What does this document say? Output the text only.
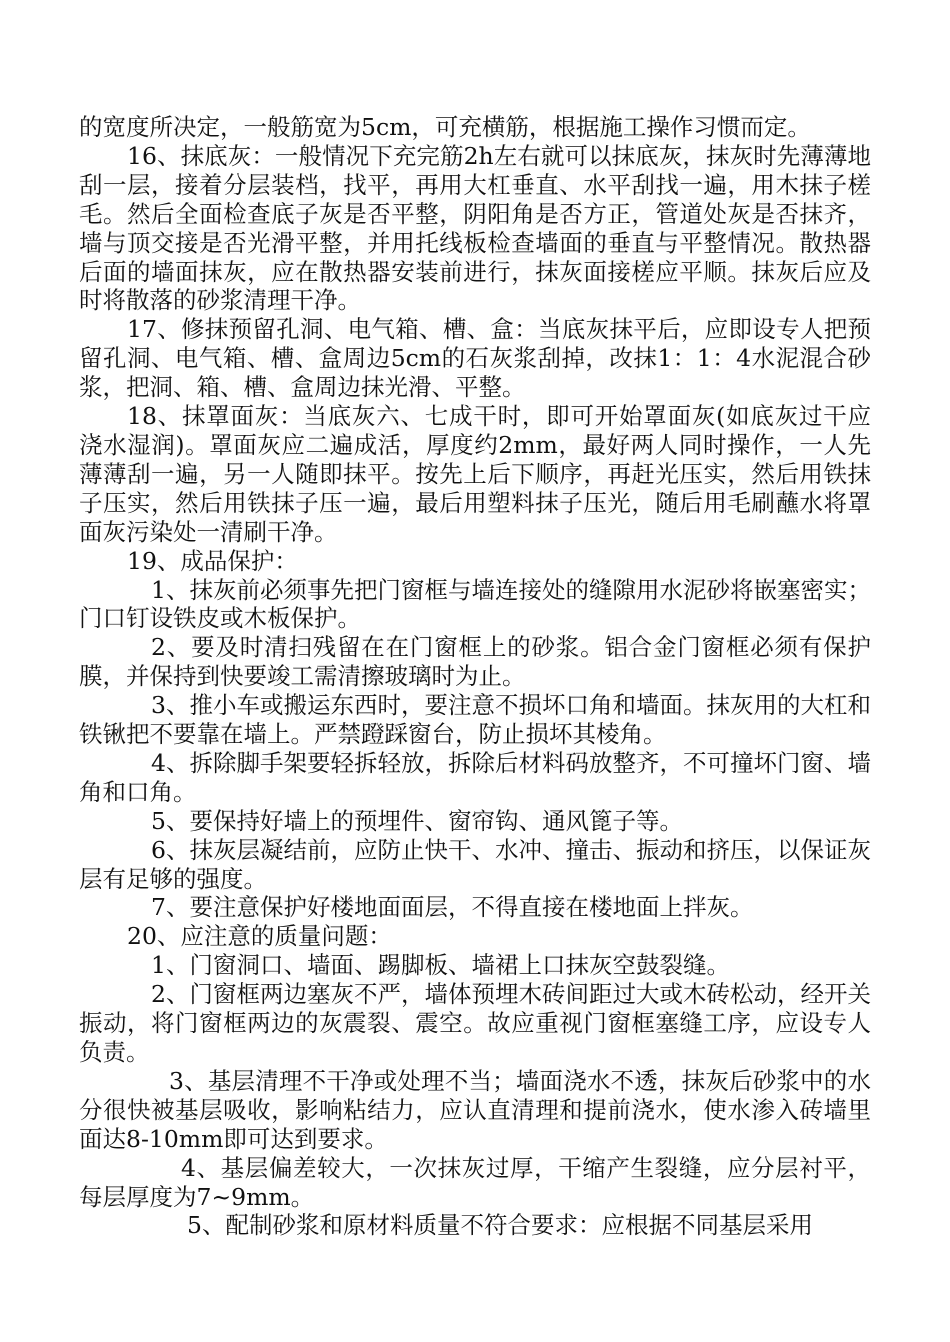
的宽度所决定，一般筋宽为5cm，可充横筋，根据施工操作习惯而定。

16、抹底灰：一般情况下充完筋2h左右就可以抹底灰，抹灰时先薄薄地刮一层，接着分层装档，找平，再用大杠垂直、水平刮找一遍，用木抹子槎毛。然后全面检查底子灰是否平整，阴阳角是否方正，管道处灰是否抹齐，墙与顶交接是否光滑平整，并用托线板检查墙面的垂直与平整情况。散热器后面的墙面抹灰，应在散热器安装前进行，抹灰面接槎应平顺。抹灰后应及时将散落的砂浆清理干净。

17、修抹预留孔洞、电气箱、槽、盒：当底灰抹平后，应即设专人把预留孔洞、电气箱、槽、盒周边5cm的石灰浆刮掉，改抹1：1：4水泥混合砂浆，把洞、箱、槽、盒周边抹光滑、平整。

18、抹罩面灰：当底灰六、七成干时，即可开始罩面灰(如底灰过干应浇水湿润)。罩面灰应二遍成活，厚度约2mm，最好两人同时操作，一人先薄薄刮一遍，另一人随即抹平。按先上后下顺序，再赶光压实，然后用铁抹子压实，然后用铁抹子压一遍，最后用塑料抹子压光，随后用毛刷蘸水将罩面灰污染处一清刷干净。

19、成品保护：

1、抹灰前必须事先把门窗框与墙连接处的缝隙用水泥砂将嵌塞密实；门口钉设铁皮或木板保护。

2、要及时清扫残留在在门窗框上的砂浆。铝合金门窗框必须有保护膜，并保持到快要竣工需清擦玻璃时为止。

3、推小车或搬运东西时，要注意不损坏口角和墙面。抹灰用的大杠和铁锹把不要靠在墙上。严禁蹬踩窗台，防止损坏其棱角。

4、拆除脚手架要轻拆轻放，拆除后材料码放整齐，不可撞坏门窗、墙角和口角。

5、要保持好墙上的预埋件、窗帘钩、通风篦子等。

6、抹灰层凝结前，应防止快干、水冲、撞击、振动和挤压，以保证灰层有足够的强度。

7、要注意保护好楼地面面层，不得直接在楼地面上拌灰。

20、应注意的质量问题：

1、门窗洞口、墙面、踢脚板、墙裙上口抹灰空鼓裂缝。

2、门窗框两边塞灰不严，墙体预埋木砖间距过大或木砖松动，经开关振动，将门窗框两边的灰震裂、震空。故应重视门窗框塞缝工序，应设专人负责。

3、基层清理不干净或处理不当；墙面浇水不透，抹灰后砂浆中的水分很快被基层吸收，影响粘结力，应认直清理和提前浇水，使水渗入砖墙里面达8-10mm即可达到要求。

4、基层偏差较大，一次抹灰过厚，干缩产生裂缝，应分层衬平，每层厚度为7~9mm。

5、配制砂浆和原材料质量不符合要求：应根据不同基层采用
